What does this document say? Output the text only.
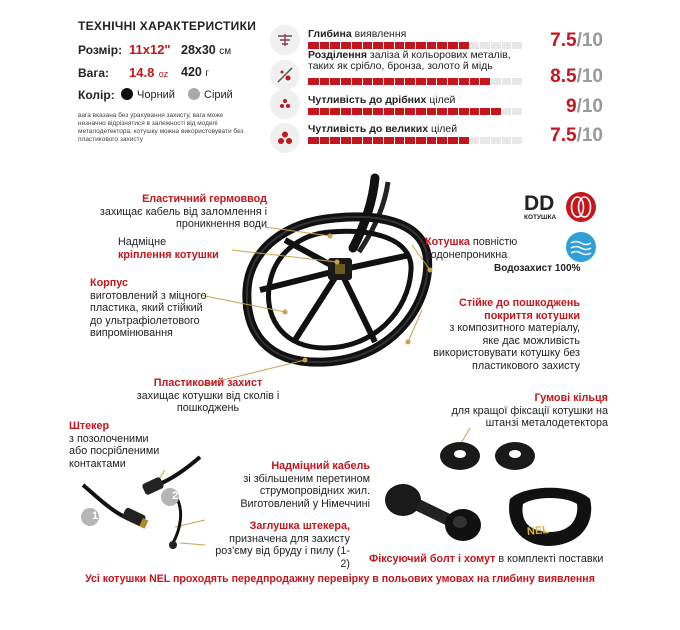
ТЕХНІЧНІ ХАРАКТЕРИСТИКИ
Розмір: 11x12" 28x30 см
Вага: 14.8 oz 420 г
Колір:	Чорний	Сірий
вага вказана без урахування захисту, вага може незначно відрізнятися в залежності від моделі металодетектора, котушку можна використовувати без пластикового захисту
Глибина виявлення	7.5/10
Розділення заліза й кольорових металів, таких як срібло, бронза, золото й мідь	8.5/10
Чутливість до дрібних цілей	9/10
Чутливість до великих цілей	7.5/10
Еластичний гермоввод
захищає кабель від заломлення і проникнення води
Надміцне
кріплення котушки
Корпус
виготовлений з міцного пластика, який стійкий до ультрафіолетового випромінювання
Котушка повністю
водонепроникна
Стійке до пошкоджень покриття котушки
з композитного матеріалу, яке дає можливість використовувати котушку без пластикового захисту
Пластиковий захист
захищає котушки від сколів і пошкоджень
DD
КОТУШКА
Водозахист 100%
Штекер
з позолоченими або посрібленими контактами
1
2
Надміцний кабель
зі збільшеним перетином струмопровідних жил. Виготовлений у Німеччині
Заглушка штекера,
призначена для захисту роз'єму від бруду і пилу (1-2)
Гумові кільця
для кращої фіксації котушки на штанзі металодетектора
NEL
Фіксуючий болт і хомут в комплекті поставки
Усі котушки NEL проходять передпродажну перевірку в польових умовах на глибину виявлення
